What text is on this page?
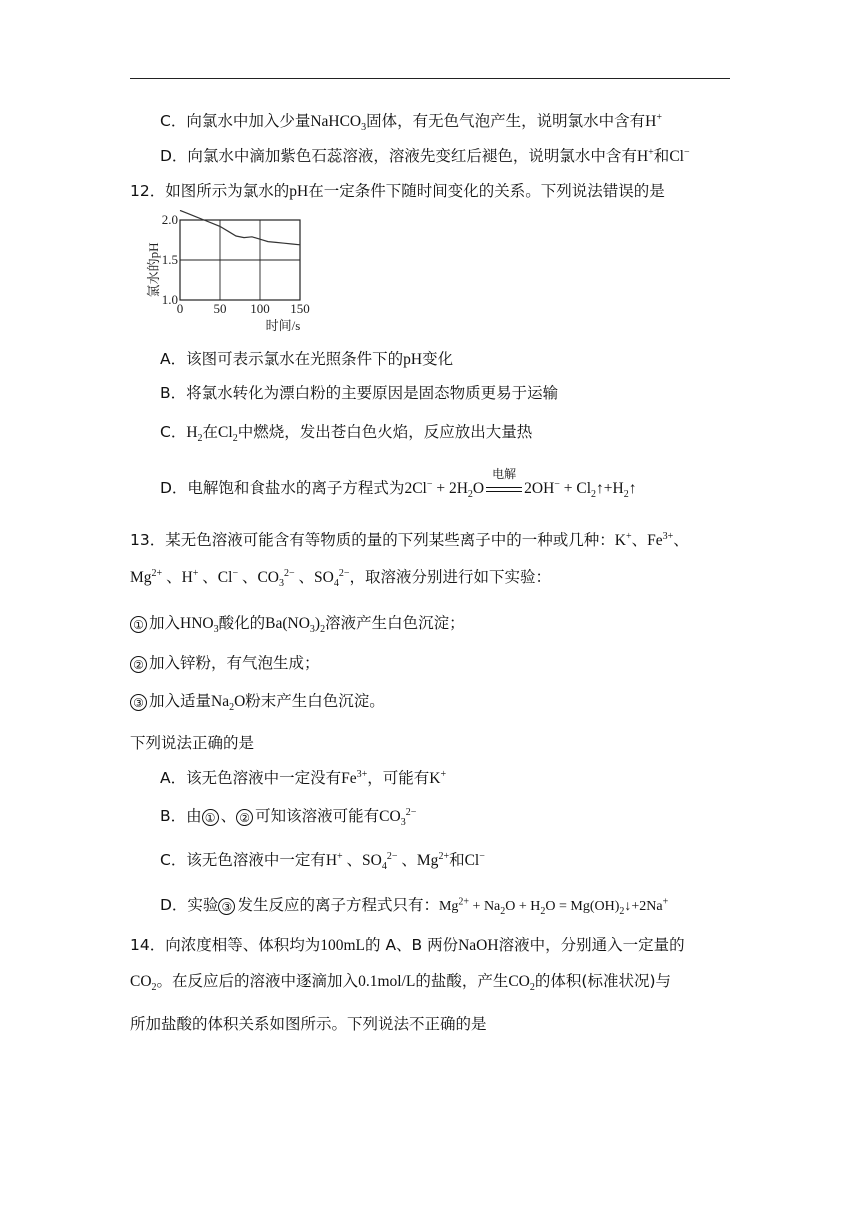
C．向氯水中加入少量NaHCO$_3$固体，有无色气泡产生，说明氯水中含有H+
D．向氯水中滴加紫色石蕊溶液，溶液先变红后褪色，说明氯水中含有H+和Cl−
12．如图所示为氯水的pH在一定条件下随时间变化的关系。下列说法错误的是
0 50 100 150
1.0
1.5
2.0
氯水的pH
时间/s
A．该图可表示氯水在光照条件下的pH变化
B．将氯水转化为漂白粉的主要原因是固态物质更易于运输
C．$H_2$在$Cl_2$中燃烧，发出苍白色火焰，反应放出大量热
D．电解饱和食盐水的离子方程式为$2Cl^- + 2H_2O$
电解
$2OH^- + Cl_2↑+H_2↑$
13．某无色溶液可能含有等物质的量的下列某些离子中的一种或几种：K+、$Fe^{3+}$、
$Mg^{2+}$ 、H+ 、Cl− 、$CO_3^{2-}$ 、$SO_4^{2-}$，取溶液分别进行如下实验：
① 加入$HNO_3$酸化的$Ba(NO_3)_2$溶液产生白色沉淀；
② 加入锌粉，有气泡生成；
③ 加入适量$Na_2O$粉末产生白色沉淀。
下列说法正确的是
A．该无色溶液中一定没有$Fe^{3+}$，可能有K+
B．由 ① 、 ② 可知该溶液可能有$CO_3^{2-}$
C．该无色溶液中一定有H+ 、$SO_4^{2-}$ 、$Mg^{2+}$和Cl−
D．实验 ③ 发生反应的离子方程式只有：$Mg^{2+} + Na_2O + H_2O$ = $Mg(OH)_2↓+2Na^+$
14．向浓度相等、体积均为100mL的 A、B 两份NaOH溶液中，分别通入一定量的
$CO_2$。在反应后的溶液中逐滴加入0.1mol/L的盐酸，产生$CO_2$的体积(标准状况)与
所加盐酸的体积关系如图所示。下列说法不正确的是
